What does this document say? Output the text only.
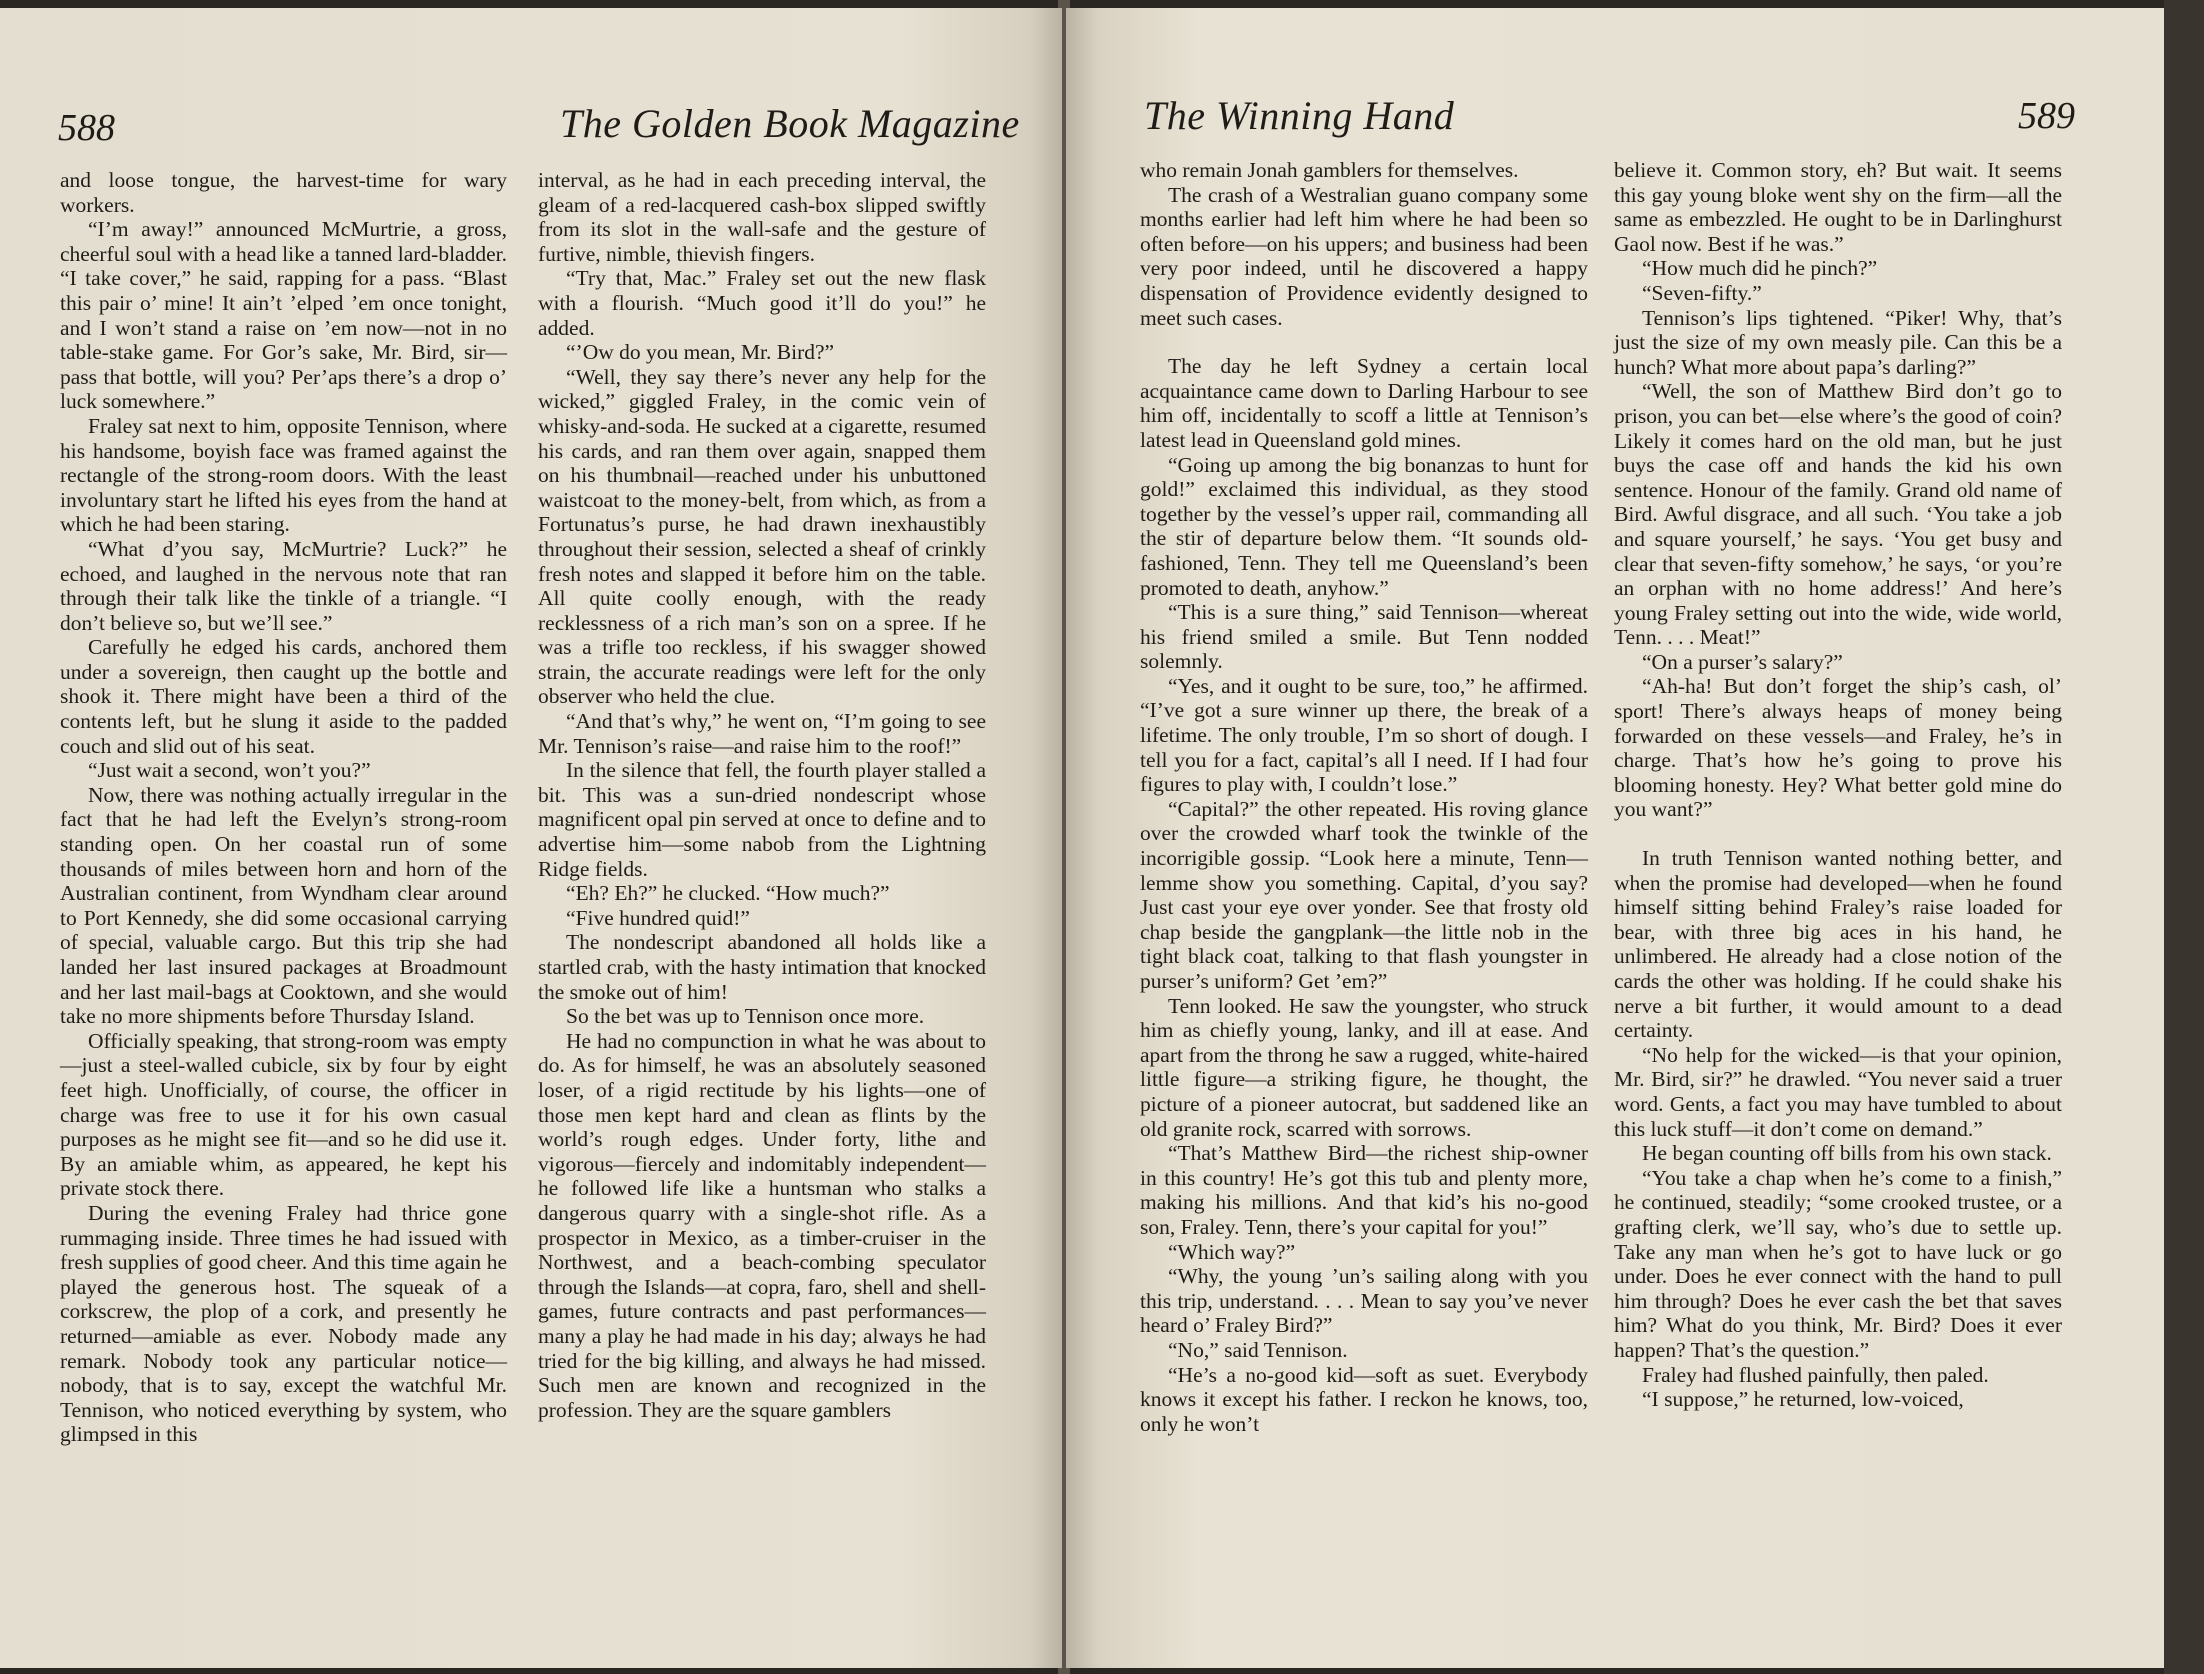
588	The Golden Book Magazine

and loose tongue, the harvest-time for wary workers.

“I’m away!” announced McMurtrie, a gross, cheerful soul with a head like a tanned lard-bladder. “I take cover,” he said, rapping for a pass. “Blast this pair o’ mine! It ain’t ’elped ’em once tonight, and I won’t stand a raise on ’em now—not in no table-stake game. For Gor’s sake, Mr. Bird, sir—pass that bottle, will you? Per’aps there’s a drop o’ luck somewhere.”

Fraley sat next to him, opposite Tennison, where his handsome, boyish face was framed against the rectangle of the strong-room doors. With the least involuntary start he lifted his eyes from the hand at which he had been staring.

“What d’you say, McMurtrie? Luck?” he echoed, and laughed in the nervous note that ran through their talk like the tinkle of a triangle. “I don’t believe so, but we’ll see.”

Carefully he edged his cards, anchored them under a sovereign, then caught up the bottle and shook it. There might have been a third of the contents left, but he slung it aside to the padded couch and slid out of his seat.

“Just wait a second, won’t you?”

Now, there was nothing actually irregular in the fact that he had left the Evelyn’s strong-room standing open. On her coastal run of some thousands of miles between horn and horn of the Australian continent, from Wyndham clear around to Port Kennedy, she did some occasional carrying of special, valuable cargo. But this trip she had landed her last insured packages at Broadmount and her last mail-bags at Cooktown, and she would take no more shipments before Thursday Island.

Officially speaking, that strong-room was empty—just a steel-walled cubicle, six by four by eight feet high. Unofficially, of course, the officer in charge was free to use it for his own casual purposes as he might see fit—and so he did use it. By an amiable whim, as appeared, he kept his private stock there.

During the evening Fraley had thrice gone rummaging inside. Three times he had issued with fresh supplies of good cheer. And this time again he played the generous host. The squeak of a corkscrew, the plop of a cork, and presently he returned—amiable as ever. Nobody made any remark. Nobody took any particular notice—nobody, that is to say, except the watchful Mr. Tennison, who noticed everything by system, who glimpsed in this

interval, as he had in each preceding interval, the gleam of a red-lacquered cash-box slipped swiftly from its slot in the wall-safe and the gesture of furtive, nimble, thievish fingers.

“Try that, Mac.” Fraley set out the new flask with a flourish. “Much good it’ll do you!” he added.

“’Ow do you mean, Mr. Bird?”

“Well, they say there’s never any help for the wicked,” giggled Fraley, in the comic vein of whisky-and-soda. He sucked at a cigarette, resumed his cards, and ran them over again, snapped them on his thumbnail—reached under his unbuttoned waistcoat to the money-belt, from which, as from a Fortunatus’s purse, he had drawn inexhaustibly throughout their session, selected a sheaf of crinkly fresh notes and slapped it before him on the table. All quite coolly enough, with the ready recklessness of a rich man’s son on a spree. If he was a trifle too reckless, if his swagger showed strain, the accurate readings were left for the only observer who held the clue.

“And that’s why,” he went on, “I’m going to see Mr. Tennison’s raise—and raise him to the roof!”

In the silence that fell, the fourth player stalled a bit. This was a sun-dried nondescript whose magnificent opal pin served at once to define and to advertise him—some nabob from the Lightning Ridge fields.

“Eh? Eh?” he clucked. “How much?”

“Five hundred quid!”

The nondescript abandoned all holds like a startled crab, with the hasty intimation that knocked the smoke out of him!

So the bet was up to Tennison once more.

He had no compunction in what he was about to do. As for himself, he was an absolutely seasoned loser, of a rigid rectitude by his lights—one of those men kept hard and clean as flints by the world’s rough edges. Under forty, lithe and vigorous—fiercely and indomitably independent—he followed life like a huntsman who stalks a dangerous quarry with a single-shot rifle. As a prospector in Mexico, as a timber-cruiser in the Northwest, and a beach-combing speculator through the Islands—at copra, faro, shell and shell-games, future contracts and past performances—many a play he had made in his day; always he had tried for the big killing, and always he had missed. Such men are known and recognized in the profession. They are the square gamblers

The Winning Hand	589

who remain Jonah gamblers for themselves.

The crash of a Westralian guano company some months earlier had left him where he had been so often before—on his uppers; and business had been very poor indeed, until he discovered a happy dispensation of Providence evidently designed to meet such cases.

The day he left Sydney a certain local acquaintance came down to Darling Harbour to see him off, incidentally to scoff a little at Tennison’s latest lead in Queensland gold mines.

“Going up among the big bonanzas to hunt for gold!” exclaimed this individual, as they stood together by the vessel’s upper rail, commanding all the stir of departure below them. “It sounds old-fashioned, Tenn. They tell me Queensland’s been promoted to death, anyhow.”

“This is a sure thing,” said Tennison—whereat his friend smiled a smile. But Tenn nodded solemnly.

“Yes, and it ought to be sure, too,” he affirmed. “I’ve got a sure winner up there, the break of a lifetime. The only trouble, I’m so short of dough. I tell you for a fact, capital’s all I need. If I had four figures to play with, I couldn’t lose.”

“Capital?” the other repeated. His roving glance over the crowded wharf took the twinkle of the incorrigible gossip. “Look here a minute, Tenn—lemme show you something. Capital, d’you say? Just cast your eye over yonder. See that frosty old chap beside the gangplank—the little nob in the tight black coat, talking to that flash youngster in purser’s uniform? Get ’em?”

Tenn looked. He saw the youngster, who struck him as chiefly young, lanky, and ill at ease. And apart from the throng he saw a rugged, white-haired little figure—a striking figure, he thought, the picture of a pioneer autocrat, but saddened like an old granite rock, scarred with sorrows.

“That’s Matthew Bird—the richest ship-owner in this country! He’s got this tub and plenty more, making his millions. And that kid’s his no-good son, Fraley. Tenn, there’s your capital for you!”

“Which way?”

“Why, the young ’un’s sailing along with you this trip, understand. . . . Mean to say you’ve never heard o’ Fraley Bird?”

“No,” said Tennison.

“He’s a no-good kid—soft as suet. Everybody knows it except his father. I reckon he knows, too, only he won’t

believe it. Common story, eh? But wait. It seems this gay young bloke went shy on the firm—all the same as embezzled. He ought to be in Darlinghurst Gaol now. Best if he was.”

“How much did he pinch?”

“Seven-fifty.”

Tennison’s lips tightened. “Piker! Why, that’s just the size of my own measly pile. Can this be a hunch? What more about papa’s darling?”

“Well, the son of Matthew Bird don’t go to prison, you can bet—else where’s the good of coin? Likely it comes hard on the old man, but he just buys the case off and hands the kid his own sentence. Honour of the family. Grand old name of Bird. Awful disgrace, and all such. ‘You take a job and square yourself,’ he says. ‘You get busy and clear that seven-fifty somehow,’ he says, ‘or you’re an orphan with no home address!’ And here’s young Fraley setting out into the wide, wide world, Tenn. . . . Meat!”

“On a purser’s salary?”

“Ah-ha! But don’t forget the ship’s cash, ol’ sport! There’s always heaps of money being forwarded on these vessels—and Fraley, he’s in charge. That’s how he’s going to prove his blooming honesty. Hey? What better gold mine do you want?”

In truth Tennison wanted nothing better, and when the promise had developed—when he found himself sitting behind Fraley’s raise loaded for bear, with three big aces in his hand, he unlimbered. He already had a close notion of the cards the other was holding. If he could shake his nerve a bit further, it would amount to a dead certainty.

“No help for the wicked—is that your opinion, Mr. Bird, sir?” he drawled. “You never said a truer word. Gents, a fact you may have tumbled to about this luck stuff—it don’t come on demand.”

He began counting off bills from his own stack.

“You take a chap when he’s come to a finish,” he continued, steadily; “some crooked trustee, or a grafting clerk, we’ll say, who’s due to settle up. Take any man when he’s got to have luck or go under. Does he ever connect with the hand to pull him through? Does he ever cash the bet that saves him? What do you think, Mr. Bird? Does it ever happen? That’s the question.”

Fraley had flushed painfully, then paled.

“I suppose,” he returned, low-voiced,
